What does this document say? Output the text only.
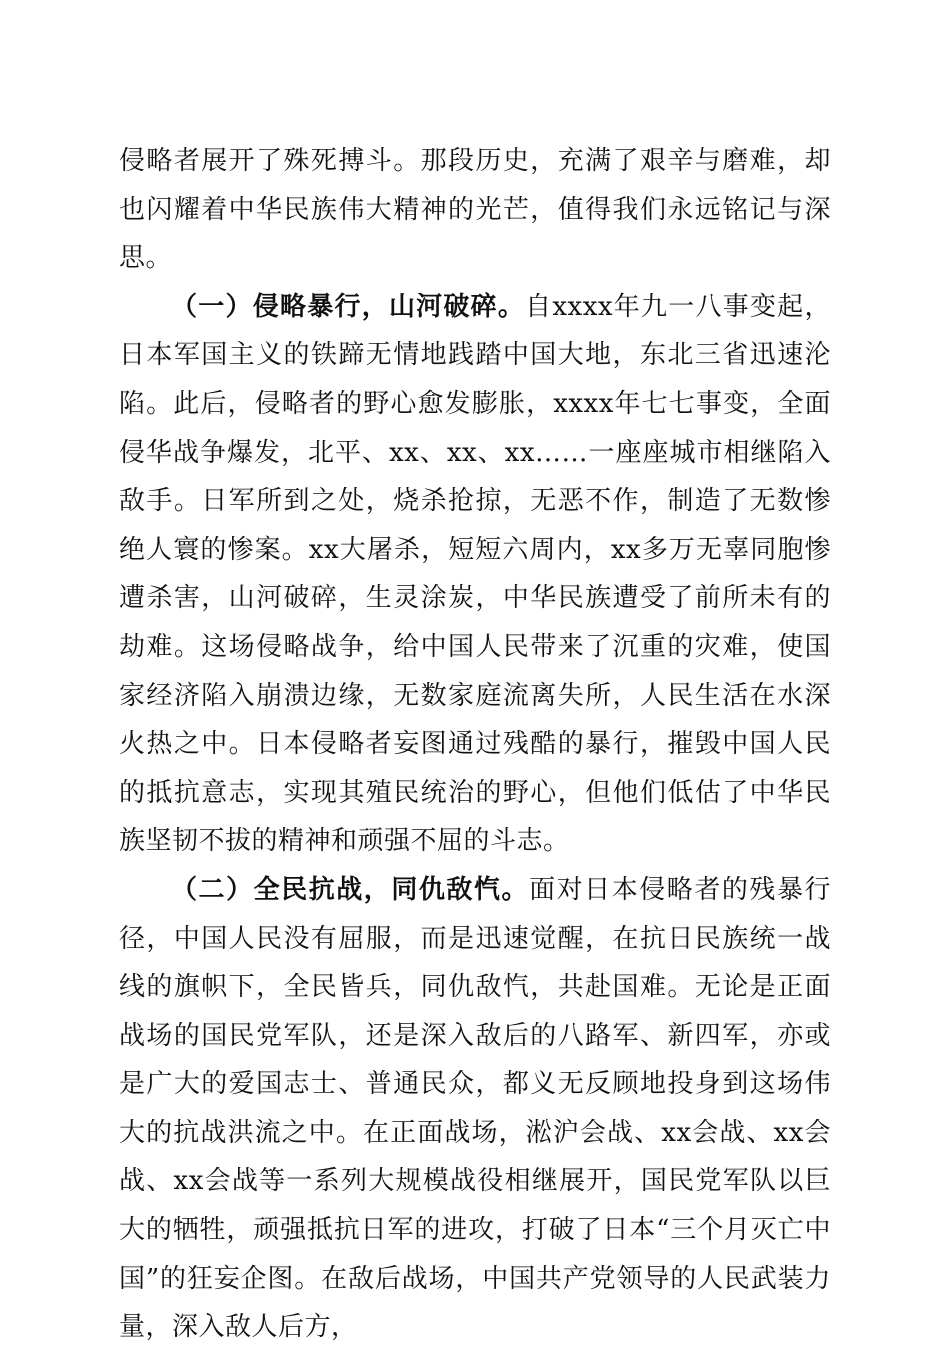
侵略者展开了殊死搏斗。那段历史，充满了艰辛与磨难，却也闪耀着中华民族伟大精神的光芒，值得我们永远铭记与深思。

（一）侵略暴行，山河破碎。自xxxx年九一八事变起，日本军国主义的铁蹄无情地践踏中国大地，东北三省迅速沦陷。此后，侵略者的野心愈发膨胀，xxxx年七七事变，全面侵华战争爆发，北平、xx、xx、xx……一座座城市相继陷入敌手。日军所到之处，烧杀抢掠，无恶不作，制造了无数惨绝人寰的惨案。xx大屠杀，短短六周内，xx多万无辜同胞惨遭杀害，山河破碎，生灵涂炭，中华民族遭受了前所未有的劫难。这场侵略战争，给中国人民带来了沉重的灾难，使国家经济陷入崩溃边缘，无数家庭流离失所，人民生活在水深火热之中。日本侵略者妄图通过残酷的暴行，摧毁中国人民的抵抗意志，实现其殖民统治的野心，但他们低估了中华民族坚韧不拔的精神和顽强不屈的斗志。

（二）全民抗战，同仇敌忾。面对日本侵略者的残暴行径，中国人民没有屈服，而是迅速觉醒，在抗日民族统一战线的旗帜下，全民皆兵，同仇敌忾，共赴国难。无论是正面战场的国民党军队，还是深入敌后的八路军、新四军，亦或是广大的爱国志士、普通民众，都义无反顾地投身到这场伟大的抗战洪流之中。在正面战场，淞沪会战、xx会战、xx会战、xx会战等一系列大规模战役相继展开，国民党军队以巨大的牺牲，顽强抵抗日军的进攻，打破了日本“三个月灭亡中国”的狂妄企图。在敌后战场，中国共产党领导的人民武装力量，深入敌人后方，
